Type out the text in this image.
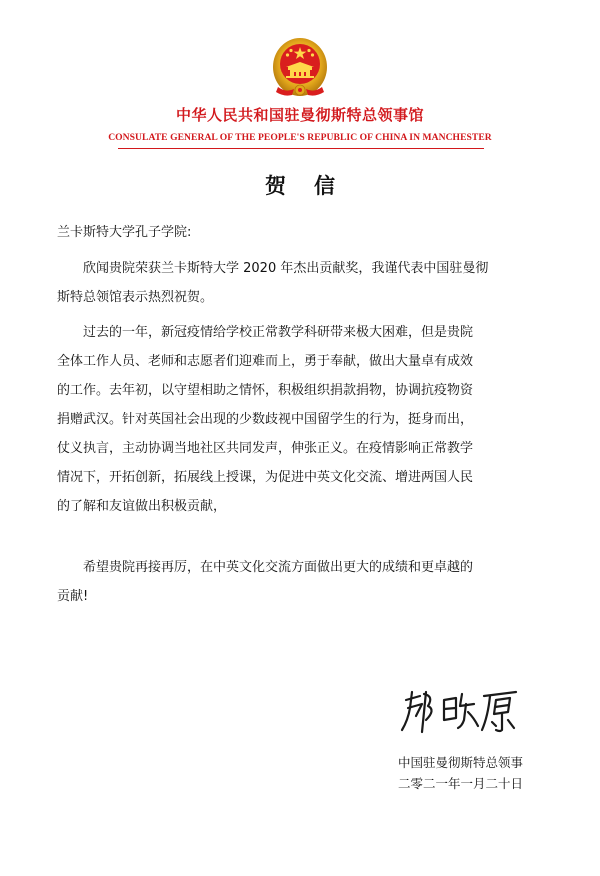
中华人民共和国驻曼彻斯特总领事馆
CONSULATE GENERAL OF THE PEOPLE'S REPUBLIC OF CHINA IN MANCHESTER
贺信

兰卡斯特大学孔子学院:

欣闻贵院荣获兰卡斯特大学 2020 年杰出贡献奖，我谨代表中国驻曼彻
斯特总领馆表示热烈祝贺。

过去的一年，新冠疫情给学校正常教学科研带来极大困难，但是贵院
全体工作人员、老师和志愿者们迎难而上，勇于奉献，做出大量卓有成效
的工作。去年初，以守望相助之情怀，积极组织捐款捐物，协调抗疫物资
捐赠武汉。针对英国社会出现的少数歧视中国留学生的行为，挺身而出，
仗义执言，主动协调当地社区共同发声，伸张正义。在疫情影响正常教学
情况下，开拓创新，拓展线上授课，为促进中英文化交流、增进两国人民
的了解和友谊做出积极贡献，

希望贵院再接再厉，在中英文化交流方面做出更大的成绩和更卓越的
贡献!

中国驻曼彻斯特总领事
二零二一年一月二十日
